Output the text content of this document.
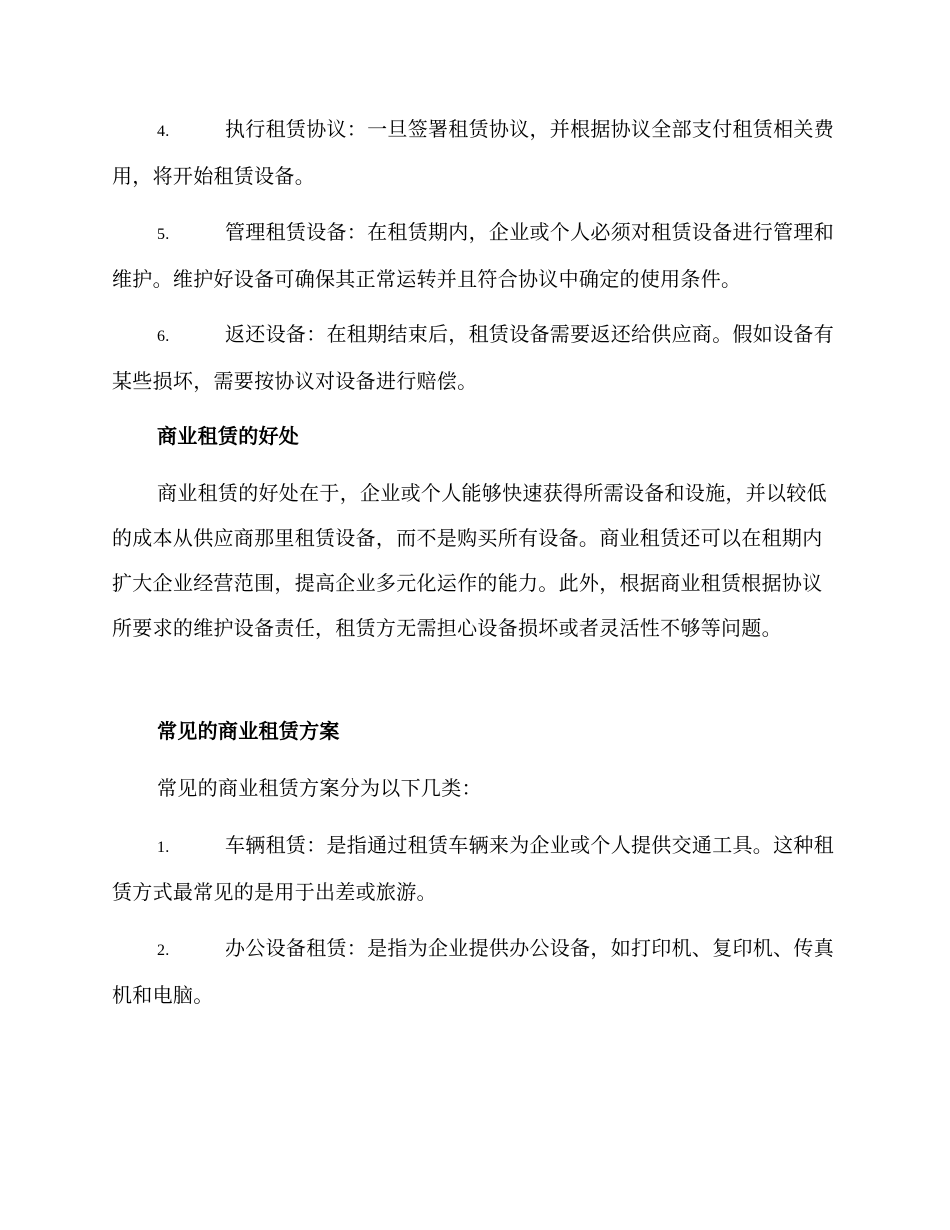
4.	执行租赁协议：一旦签署租赁协议，并根据协议全部支付租赁相关费用，将开始租赁设备。

5.	管理租赁设备：在租赁期内，企业或个人必须对租赁设备进行管理和维护。维护好设备可确保其正常运转并且符合协议中确定的使用条件。

6.	返还设备：在租期结束后，租赁设备需要返还给供应商。假如设备有某些损坏，需要按协议对设备进行赔偿。

商业租赁的好处

商业租赁的好处在于，企业或个人能够快速获得所需设备和设施，并以较低的成本从供应商那里租赁设备，而不是购买所有设备。商业租赁还可以在租期内扩大企业经营范围，提高企业多元化运作的能力。此外，根据商业租赁根据协议所要求的维护设备责任，租赁方无需担心设备损坏或者灵活性不够等问题。

常见的商业租赁方案

常见的商业租赁方案分为以下几类：

1.	车辆租赁：是指通过租赁车辆来为企业或个人提供交通工具。这种租赁方式最常见的是用于出差或旅游。

2.	办公设备租赁：是指为企业提供办公设备，如打印机、复印机、传真机和电脑。
